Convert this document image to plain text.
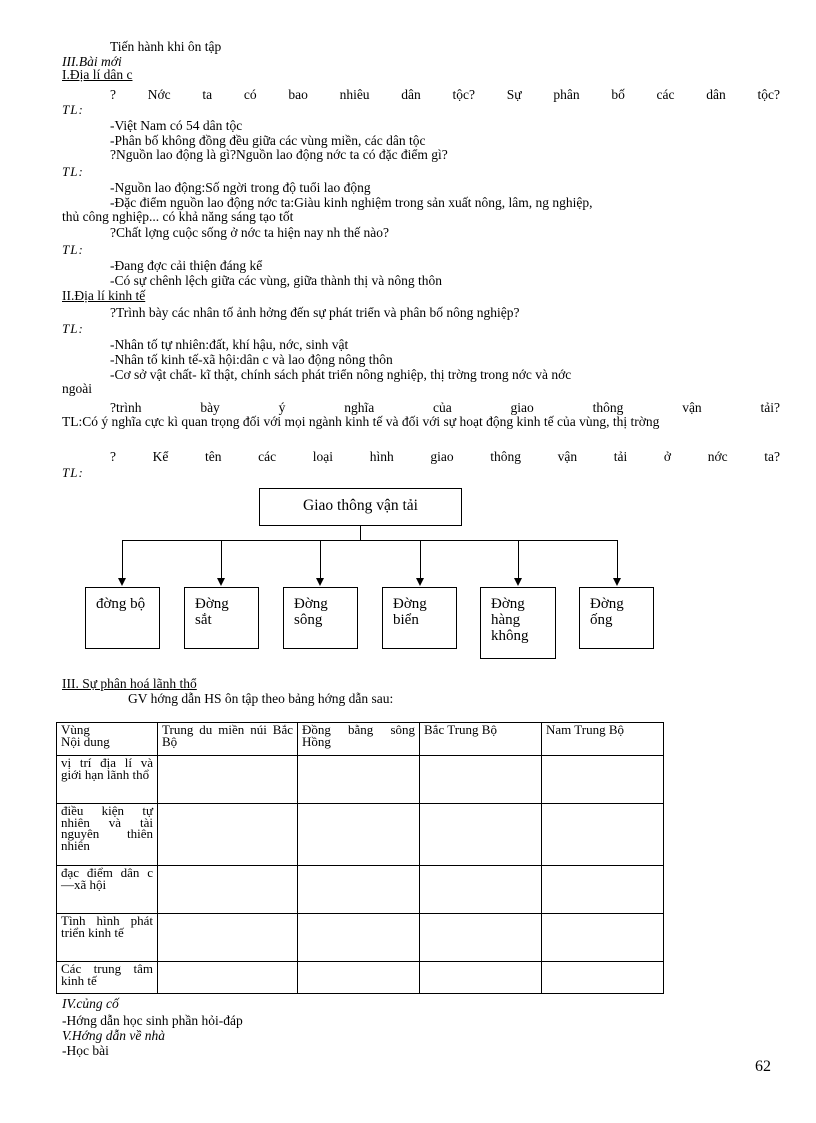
Tiến hành khi ôn tập
III.Bài mới
I.Địa lí dân c
? Nớc ta có bao nhiêu dân tộc? Sự phân bố các dân tộc?
TL:
-Việt Nam có 54 dân tộc
-Phân bố không đồng đều giữa các vùng miền, các dân tộc
?Nguồn lao động là gì?Nguồn lao động nớc ta có đặc điểm gì?
TL:
-Nguồn lao động:Số ngời trong độ tuổi lao động
-Đặc điểm nguồn lao động nớc ta:Giàu kinh nghiệm trong sản xuất nông, lâm, ng nghiệp,
thủ công nghiệp... có khả năng sáng tạo tốt
?Chất lợng cuộc sống ở nớc ta hiện nay nh thế nào?
TL:
-Đang đợc cải thiện đáng kể
-Có sự chênh lệch giữa các vùng, giữa thành thị và nông thôn
II.Địa lí kinh tế
?Trình bày các nhân tố ảnh hởng đến sự phát triển và phân bố nông nghiệp?
TL:
-Nhân tố tự nhiên:đất, khí hậu, nớc, sinh vật
-Nhân tố kinh tế-xã hội:dân c và lao động nông thôn
-Cơ sở vật chất- kĩ thật, chính sách phát triển nông nghiệp, thị trờng trong nớc và nớc
ngoài
?trình	bày	ý	nghĩa	của	giao	thông	vận	tải?
TL:Có ý nghĩa cực kì quan trọng đối với mọi ngành kinh tế và đối với sự hoạt động kinh tế của vùng, thị trờng
?	Kể	tên	các	loại	hình	giao	thông	vận	tải	ở	nớc	ta?
TL:
Giao thông vận tải
đờng bộ	Đờng sắt
Đờng sông
Đờng biển
Đờng hàng không
Đờng ống
III. Sự phân hoá lãnh thổ
GV hớng dẫn HS ôn tập theo bảng hớng dẫn sau:
Vùng
Nội dung	Trung du miền núi Bắc Bộ	Đồng bằng sông Hồng	Bắc Trung Bộ	Nam Trung Bộ
vị trí địa lí và giới hạn lãnh thổ				
điều kiện tự nhiên và tài nguyên thiên nhiên				
đạc điểm dân c —xã hội				
Tình hình phát triển kinh tế				
Các trung tâm kinh tế				
IV.củng cố
-Hớng dẫn học sinh phần hỏi-đáp
V.Hớng dẫn về nhà
-Học bài
62
